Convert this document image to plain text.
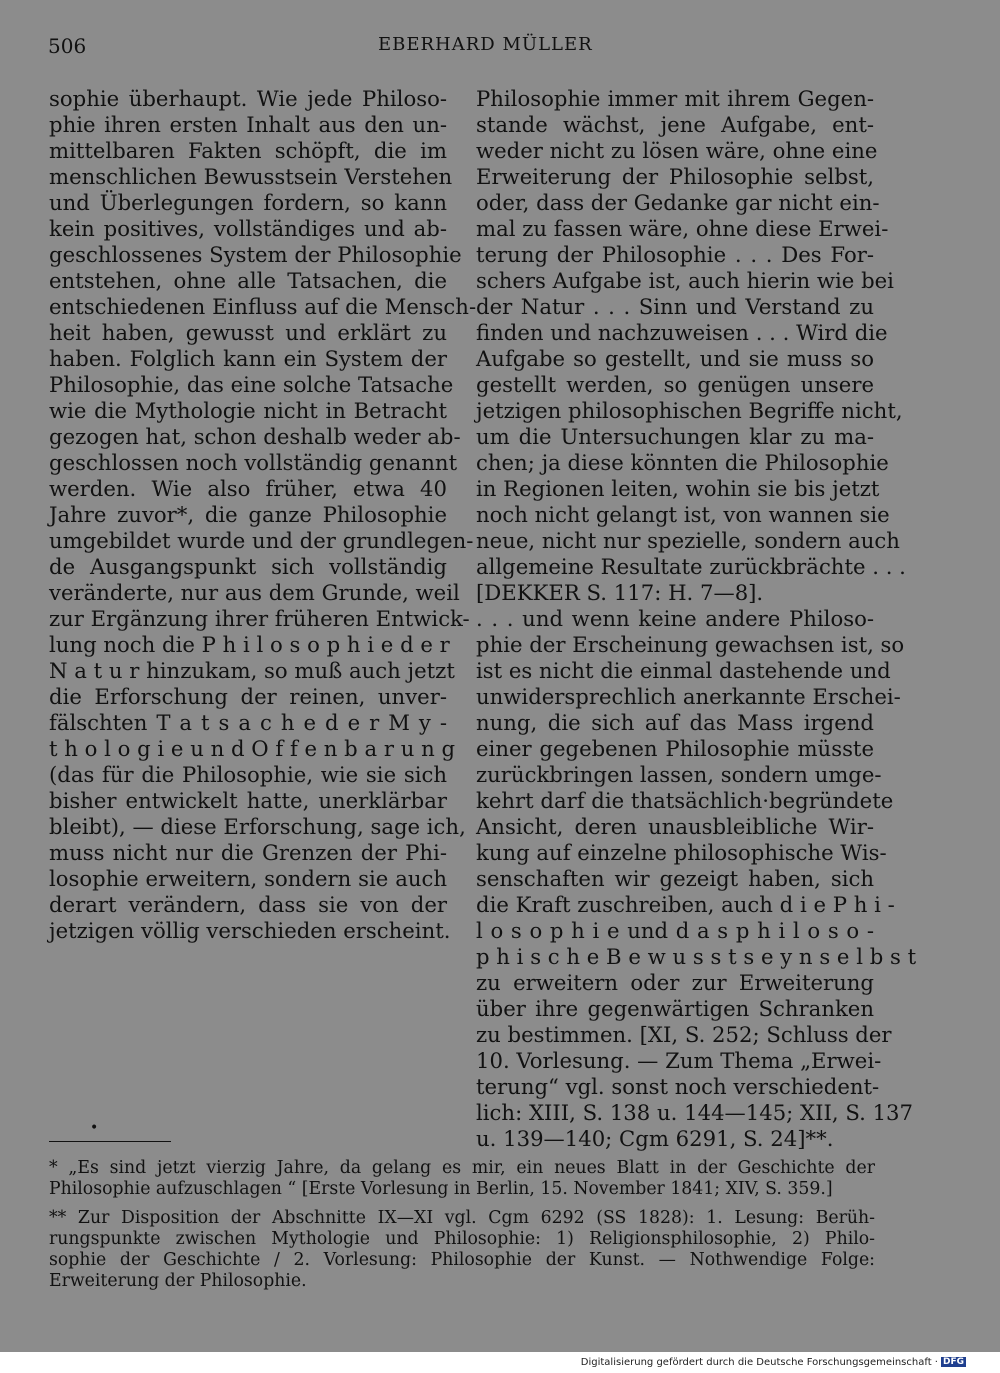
506	EBERHARD MÜLLER
sophie überhaupt. Wie jede Philoso-
phie ihren ersten Inhalt aus den un-
mittelbaren Fakten schöpft, die im
menschlichen Bewusstsein Verstehen
und Überlegungen fordern, so kann
kein positives, vollständiges und ab-
geschlossenes System der Philosophie
entstehen, ohne alle Tatsachen, die
entschiedenen Einfluss auf die Mensch-
heit haben, gewusst und erklärt zu
haben. Folglich kann ein System der
Philosophie, das eine solche Tatsache
wie die Mythologie nicht in Betracht
gezogen hat, schon deshalb weder ab-
geschlossen noch vollständig genannt
werden. Wie also früher, etwa 40
Jahre zuvor*, die ganze Philosophie
umgebildet wurde und der grundlegen-
de Ausgangspunkt sich vollständig
veränderte, nur aus dem Grunde, weil
zur Ergänzung ihrer früheren Entwick-
lung noch die P h i l o s o p h i e d e r
N a t u r hinzukam, so muß auch jetzt
die Erforschung der reinen, unver-
fälschten T a t s a c h e d e r M y -
t h o l o g i e u n d O f f e n b a r u n g
(das für die Philosophie, wie sie sich
bisher entwickelt hatte, unerklärbar
bleibt), — diese Erforschung, sage ich,
muss nicht nur die Grenzen der Phi-
losophie erweitern, sondern sie auch
derart verändern, dass sie von der
jetzigen völlig verschieden erscheint.
Philosophie immer mit ihrem Gegen-
stande wächst, jene Aufgabe, ent-
weder nicht zu lösen wäre, ohne eine
Erweiterung der Philosophie selbst,
oder, dass der Gedanke gar nicht ein-
mal zu fassen wäre, ohne diese Erwei-
terung der Philosophie . . . Des For-
schers Aufgabe ist, auch hierin wie bei
der Natur . . . Sinn und Verstand zu
finden und nachzuweisen . . . Wird die
Aufgabe so gestellt, und sie muss so
gestellt werden, so genügen unsere
jetzigen philosophischen Begriffe nicht,
um die Untersuchungen klar zu ma-
chen; ja diese könnten die Philosophie
in Regionen leiten, wohin sie bis jetzt
noch nicht gelangt ist, von wannen sie
neue, nicht nur spezielle, sondern auch
allgemeine Resultate zurückbrächte . . .
[DEKKER S. 117: H. 7—8].
. . . und wenn keine andere Philoso-
phie der Erscheinung gewachsen ist, so
ist es nicht die einmal dastehende und
unwidersprechlich anerkannte Erschei-
nung, die sich auf das Mass irgend
einer gegebenen Philosophie müsste
zurückbringen lassen, sondern umge-
kehrt darf die thatsächlich·begründete
Ansicht, deren unausbleibliche Wir-
kung auf einzelne philosophische Wis-
senschaften wir gezeigt haben, sich
die Kraft zuschreiben, auch d i e P h i -
l o s o p h i e und d a s p h i l o s o -
p h i s c h e B e w u s s t s e y n s e l b s t
zu erweitern oder zur Erweiterung
über ihre gegenwärtigen Schranken
zu bestimmen. [XI, S. 252; Schluss der
10. Vorlesung. — Zum Thema „Erwei-
terung“ vgl. sonst noch verschiedent-
lich: XIII, S. 138 u. 144—145; XII, S. 137
u. 139—140; Cgm 6291, S. 24]**.
•
* „Es sind jetzt vierzig Jahre, da gelang es mir, ein neues Blatt in der Geschichte der
Philosophie aufzuschlagen “ [Erste Vorlesung in Berlin, 15. November 1841; XIV, S. 359.]
** Zur Disposition der Abschnitte IX—XI vgl. Cgm 6292 (SS 1828): 1. Lesung: Berüh-
rungspunkte zwischen Mythologie und Philosophie: 1) Religionsphilosophie, 2) Philo-
sophie der Geschichte / 2. Vorlesung: Philosophie der Kunst. — Nothwendige Folge:
Erweiterung der Philosophie.
Digitalisierung gefördert durch die Deutsche Forschungsgemeinschaft · DFG
